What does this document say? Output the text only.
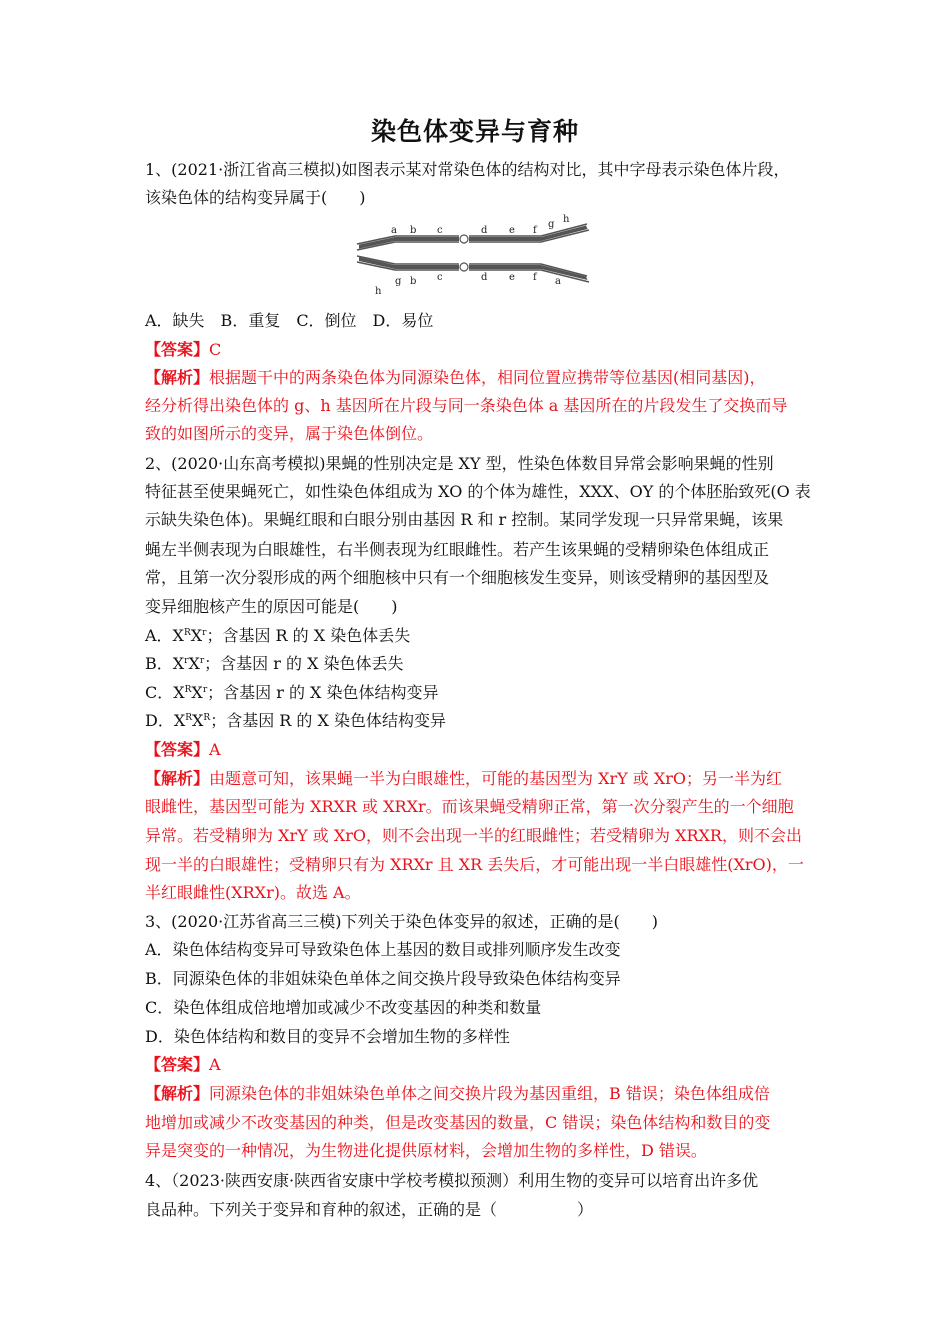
染色体变异与育种
1、(2021·浙江省高三模拟)如图表示某对常染色体的结构对比，其中字母表示染色体片段，
该染色体的结构变异属于(　　)
a b c	d e f
g h
h
g b c	d e f a
A．缺失　B．重复　C．倒位　D．易位
【答案】C
【解析】根据题干中的两条染色体为同源染色体，相同位置应携带等位基因(相同基因)，
经分析得出染色体的 g、h 基因所在片段与同一条染色体 a 基因所在的片段发生了交换而导
致的如图所示的变异，属于染色体倒位。
2、(2020·山东高考模拟)果蝇的性别决定是 XY 型，性染色体数目异常会影响果蝇的性别
特征甚至使果蝇死亡，如性染色体组成为 XO 的个体为雄性，XXX、OY 的个体胚胎致死(O 表
示缺失染色体)。果蝇红眼和白眼分别由基因 R 和 r 控制。某同学发现一只异常果蝇，该果
蝇左半侧表现为白眼雄性，右半侧表现为红眼雌性。若产生该果蝇的受精卵染色体组成正
常，且第一次分裂形成的两个细胞核中只有一个细胞核发生变异，则该受精卵的基因型及
变异细胞核产生的原因可能是(　　)
A．$X^RX^r$；含基因 R 的 X 染色体丢失
B．$X^rX^r$；含基因 r 的 X 染色体丢失
C．$X^RX^r$；含基因 r 的 X 染色体结构变异
D．$X^RX^R$；含基因 R 的 X 染色体结构变异
【答案】A
【解析】由题意可知，该果蝇一半为白眼雄性，可能的基因型为 XrY 或 XrO；另一半为红
眼雌性，基因型可能为 XRXR 或 XRXr。而该果蝇受精卵正常，第一次分裂产生的一个细胞
异常。若受精卵为 XrY 或 XrO，则不会出现一半的红眼雌性；若受精卵为 XRXR，则不会出
现一半的白眼雄性；受精卵只有为 XRXr 且 XR 丢失后，才可能出现一半白眼雄性(XrO)，一
半红眼雌性(XRXr)。故选 A。
3、(2020·江苏省高三三模)下列关于染色体变异的叙述，正确的是(　　)
A．染色体结构变异可导致染色体上基因的数目或排列顺序发生改变
B．同源染色体的非姐妹染色单体之间交换片段导致染色体结构变异
C．染色体组成倍地增加或减少不改变基因的种类和数量
D．染色体结构和数目的变异不会增加生物的多样性
【答案】A
【解析】同源染色体的非姐妹染色单体之间交换片段为基因重组，B 错误；染色体组成倍
地增加或减少不改变基因的种类，但是改变基因的数量，C 错误；染色体结构和数目的变
异是突变的一种情况，为生物进化提供原材料，会增加生物的多样性，D 错误。
4、（2023·陕西安康·陕西省安康中学校考模拟预测）利用生物的变异可以培育出许多优
良品种。下列关于变异和育种的叙述，正确的是（　　　　　）
